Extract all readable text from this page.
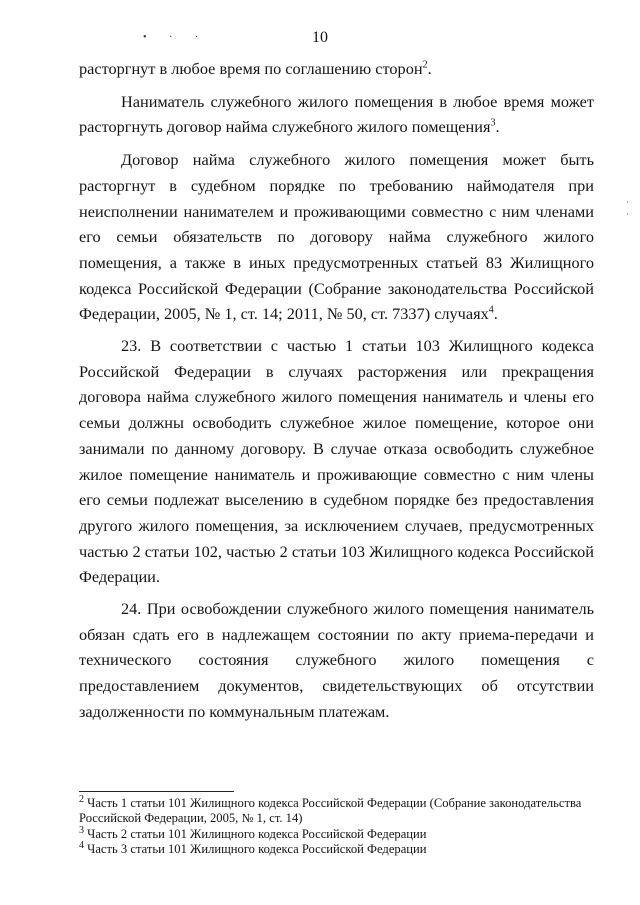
• · ·	10

расторгнут в любое время по соглашению сторон$^2$.

Наниматель служебного жилого помещения в любое время может расторгнуть договор найма служебного жилого помещения$^3$.

Договор найма служебного жилого помещения может быть расторгнут в судебном порядке по требованию наймодателя при неисполнении нанимателем и проживающими совместно с ним членами его семьи обязательств по договору найма служебного жилого помещения, а также в иных предусмотренных статьей 83 Жилищного кодекса Российской Федерации (Собрание законодательства Российской Федерации, 2005, № 1, ст. 14; 2011, № 50, ст. 7337) случаях$^4$.

23. В соответствии с частью 1 статьи 103 Жилищного кодекса Российской Федерации в случаях расторжения или прекращения договора найма служебного жилого помещения наниматель и члены его семьи должны освободить служебное жилое помещение, которое они занимали по данному договору. В случае отказа освободить служебное жилое помещение наниматель и проживающие совместно с ним члены его семьи подлежат выселению в судебном порядке без предоставления другого жилого помещения, за исключением случаев, предусмотренных частью 2 статьи 102, частью 2 статьи 103 Жилищного кодекса Российской Федерации.

24. При освобождении служебного жилого помещения наниматель обязан сдать его в надлежащем состоянии по акту приема-передачи и технического состояния служебного жилого помещения с предоставлением документов, свидетельствующих об отсутствии задолженности по коммунальным платежам.

$^2$ Часть 1 статьи 101 Жилищного кодекса Российской Федерации (Собрание законодательства Российской Федерации, 2005, № 1, ст. 14)

$^3$ Часть 2 статьи 101 Жилищного кодекса Российской Федерации

$^4$ Часть 3 статьи 101 Жилищного кодекса Российской Федерации

⸱
⸱
